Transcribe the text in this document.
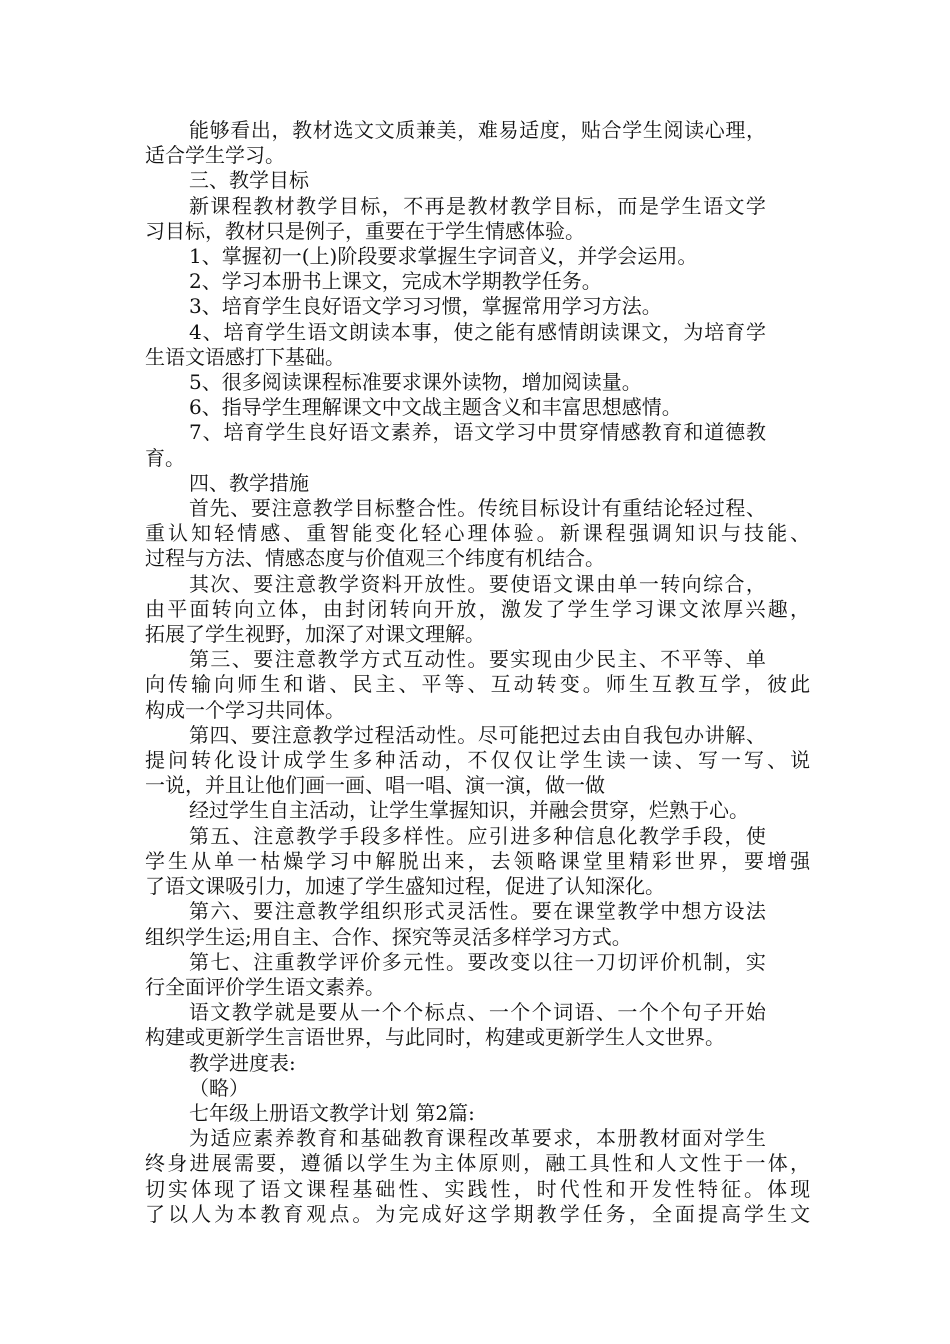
能够看出，教材选文文质兼美，难易适度，贴合学生阅读心理，
适合学生学习。
三、教学目标
新课程教材教学目标，不再是教材教学目标，而是学生语文学
习目标，教材只是例子，重要在于学生情感体验。
1、掌握初一(上)阶段要求掌握生字词音义，并学会运用。
2、学习本册书上课文，完成木学期教学任务。
3、培育学生良好语文学习习惯，掌握常用学习方法。
4、培育学生语文朗读本事，使之能有感情朗读课文，为培育学
生语文语感打下基础。
5、很多阅读课程标准要求课外读物，增加阅读量。
6、指导学生理解课文中文战主题含义和丰富思想感情。
7、培育学生良好语文素养，语文学习中贯穿情感教育和道德教
育。
四、教学措施
首先、要注意教学目标整合性。传统目标设计有重结论轻过程、
重认知轻情感、重智能变化轻心理体验。新课程强调知识与技能、
过程与方法、情感态度与价值观三个纬度有机结合。
其次、要注意教学资料开放性。要使语文课由单一转向综合，
由平面转向立体，由封闭转向开放，激发了学生学习课文浓厚兴趣，
拓展了学生视野，加深了对课文理解。
第三、要注意教学方式互动性。要实现由少民主、不平等、单
向传输向师生和谐、民主、平等、互动转变。师生互教互学，彼此
构成一个学习共同体。
第四、要注意教学过程活动性。尽可能把过去由自我包办讲解、
提问转化设计成学生多种活动，不仅仅让学生读一读、写一写、说
一说，并且让他们画一画、唱一唱、演一演，做一做
经过学生自主活动，让学生掌握知识，并融会贯穿，烂熟于心。
第五、注意教学手段多样性。应引进多种信息化教学手段，使
学生从单一枯燥学习中解脱出来，去领略课堂里精彩世界，要增强
了语文课吸引力，加速了学生盛知过程，促进了认知深化。
第六、要注意教学组织形式灵活性。要在课堂教学中想方设法
组织学生运;用自主、合作、探究等灵活多样学习方式。
第七、注重教学评价多元性。要改变以往一刀切评价机制，实
行全面评价学生语文素养。
语文教学就是要从一个个标点、一个个词语、一个个句子开始
构建或更新学生言语世界，与此同时，构建或更新学生人文世界。
教学进度表:
（略）
七年级上册语文教学计划 第2篇:
为适应素养教育和基础教育课程改革要求，本册教材面对学生
终身进展需要，遵循以学生为主体原则，融工具性和人文性于一体，
切实体现了语文课程基础性、实践性，时代性和开发性特征。体现
了以人为本教育观点。为完成好这学期教学任务，全面提高学生文
